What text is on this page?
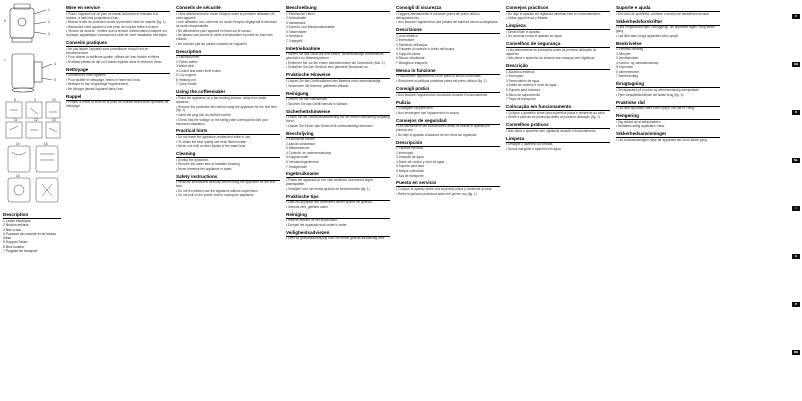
1
2
3
4
5
6
7
8	9	10
11	12	13
14	15
16
Description
1 Levier électrique
2 Bouton secteur
3 Bac à eau
4 Poussoir de contrôle et de niveau d'eau
5 Support Tasse
6 Bloc cuiseur
7 Poignée de transport
Mise en service
• Posez l'appareil sur un plan de travail horizontal et résistant à la chaleur, à l'abri des projections d'eau.
• Retirez le film de protection avant la première mise en marche (fig. 1).
• Raccordez votre appareil à une prise de courant reliée à la terre.
• Tension de secteur : vérifiez que la tension d'alimentation indiquée sur la plaque signalétique correspond à celle de votre installation électrique.
Conseils pratiques
• Ne pas laisser l'appareil sans surveillance lorsqu'il est en fonctionnement.
• Pour obtenir la meilleure qualité, utilisez de l'eau fraîche et filtrée.
• N'utilisez jamais de lait ou d'autres liquides dans le réservoir d'eau.
Nettoyage
• Débranchez votre appareil.
• Pour faciliter le nettoyage, retirez le réservoir à eau.
• Nettoyez le bac d'égouttage régulièrement.
• Ne plongez jamais l'appareil dans l'eau.
Rappel
• Pensez à retirer la fiche de la prise de courant avant toute opération de nettoyage.
Conseils de sécurité
• Lisez attentivement le mode d'emploi avant la première utilisation de votre appareil.
• Une utilisation non conforme au mode d'emploi dégagerait le fabricant de toute responsabilité.
• Ne débranchez pas l'appareil en tirant sur le cordon.
• Ne laissez pas pendre le câble d'alimentation à portée de main des enfants.
• Ne touchez pas les parties chaudes de l'appareil.
Description
1 Electrical lever
2 Power switch
3 Water tank
4 Control and water level button
5 Cup support
6 Heating unit
7 Carry handle
Using the coffeemaker
• Place the appliance on a flat working surface, away from water splashes.
• Remove the protective film before using the appliance for the first time (fig. 1).
• Insert the plug into an earthed socket.
• Check that the voltage on the rating plate corresponds with your electrical installation.
Practical hints
• Do not leave the appliance unattended while in use.
• To obtain the best quality use fresh filtered water.
• Never use milk or other liquids in the water tank.
Cleaning
• Unplug the appliance.
• Remove the water tank to facilitate cleaning.
• Never immerse the appliance in water.
Safety instructions
• Read the instructions carefully before using the appliance for the first time.
• Do not let children use the appliance without supervision.
• Do not pull on the power cord to unplug the appliance.
Beschreibung
1 Elektrischer Hebel
2 Netzschalter
3 Wassertank
4 Kontroll- und Wasserstandstaste
5 Tassenhalter
6 Heizblock
7 Tragegriff
Inbetriebnahme
• Stellen Sie das Gerät auf eine ebene, hitzebeständige Arbeitsfläche, geschützt vor Wasserspritzern.
• Entfernen Sie vor der ersten Inbetriebnahme die Schutzfolie (Abb. 1).
• Schließen Sie das Gerät an eine geerdete Steckdose an.
Praktische Hinweise
• Lassen Sie das Gerät während des Betriebs nicht unbeaufsichtigt.
• Verwenden Sie frisches, gefiltertes Wasser.
Reinigung
• Ziehen Sie den Netzstecker.
• Tauchen Sie das Gerät niemals in Wasser.
Sicherheitshinweise
• Lesen Sie die Gebrauchsanweisung vor der ersten Benutzung sorgfältig durch.
• Lassen Sie Kinder das Gerät nicht unbeaufsichtigt benutzen.
Beschrijving
1 Elektrische hendel
2 Aan/uit-schakelaar
3 Waterreservoir
4 Controle- en waterniveauknop
5 Kopjeshouder
6 Verwarmingselement
7 Draaghendel
Ingebruikname
• Plaats het apparaat op een vlak werkblad, beschermd tegen waterspatten.
• Verwijder vóór het eerste gebruik de beschermfolie (fig. 1).
Praktische tips
• Laat het apparaat niet onbeheerd achter tijdens het gebruik.
• Gebruik vers, gefilterd water.
Reiniging
• Haal de stekker uit het stopcontact.
• Dompel het apparaat nooit onder in water.
Veiligheidsadviezen
• Lees de gebruiksaanwijzing vóór het eerste gebruik aandachtig door.
Consigli di sicurezza
• Leggere attentamente le istruzioni prima del primo utilizzo dell'apparecchio.
• Non lasciare l'apparecchio alla portata dei bambini senza sorveglianza.
Descrizione
1 Leva elettrica
2 Interruttore
3 Serbatoio dell'acqua
4 Pulsante di controllo e livello dell'acqua
5 Supporto tazza
6 Blocco riscaldante
7 Maniglia di trasporto
Messa in funzione
• Posizionare l'apparecchio su un piano di lavoro orizzontale.
• Rimuovere la pellicola protettiva prima del primo utilizzo (fig. 1).
Consigli pratici
• Non lasciare l'apparecchio incustodito durante il funzionamento.
Pulizia
• Scollegare l'apparecchio.
• Non immergere mai l'apparecchio in acqua.
Consejos de seguridad
• Lea atentamente las instrucciones antes de utilizar el aparato por primera vez.
• No deje el aparato al alcance de los niños sin vigilancia.
Descripción
1 Palanca eléctrica
2 Interruptor
3 Depósito de agua
4 Botón de control y nivel de agua
5 Soporte para taza
6 Bloque calentador
7 Asa de transporte
Puesta en servicio
• Coloque el aparato sobre una superficie plana y resistente al calor.
• Retire la película protectora antes del primer uso (fig. 1).
Consejos prácticos
• No deje el aparato sin vigilancia mientras esté en funcionamiento.
• Utilice agua fresca y filtrada.
Limpieza
• Desenchufe el aparato.
• No sumerja nunca el aparato en agua.
Conselhos de segurança
• Leia atentamente as instruções antes da primeira utilização do aparelho.
• Não deixe o aparelho ao alcance das crianças sem vigilância.
Descrição
1 Alavanca eléctrica
2 Interruptor
3 Reservatório de água
4 Botão de controlo e nível de água
5 Suporte para chávena
6 Bloco de aquecimento
7 Pega de transporte
Colocação em funcionamento
• Coloque o aparelho sobre uma superfície plana e resistente ao calor.
• Retire a película de protecção antes da primeira utilização (fig. 1).
Conselhos práticos
• Não deixe o aparelho sem vigilância durante o funcionamento.
Limpeza
• Desligue o aparelho da tomada.
• Nunca mergulhe o aparelho em água.
Suporte e ajuda
• Em caso de problema, contacte o serviço de assistência técnica.
Sikkerhedsforskrifter
• Læs brugsanvisningen omhyggeligt, før apparatet tages i brug første gang.
• Lad ikke børn bruge apparatet uden opsyn.
Beskrivelse
1 Elektrisk håndtag
2 Afbryder
3 Vandbeholder
4 Kontrol- og vandstandsknap
5 Kopholder
6 Varmeelement
7 Bærehåndtag
Ibrugtagning
• Stil apparatet på en plan og varmebestandig arbejdsflade.
• Fjern beskyttelsesfilmen før første brug (fig. 1).
Praktiske råd
• Lad ikke apparatet være uden opsyn, når det er i brug.
Rengøring
• Tag stikket ud af stikkontakten.
• Nedsænk aldrig apparatet i vand.
Sikkerhedsanvisninger
• Les bruksanvisningen nøye før apparatet tas i bruk første gang.
F
GB
D
NL
I
E
P
DK
